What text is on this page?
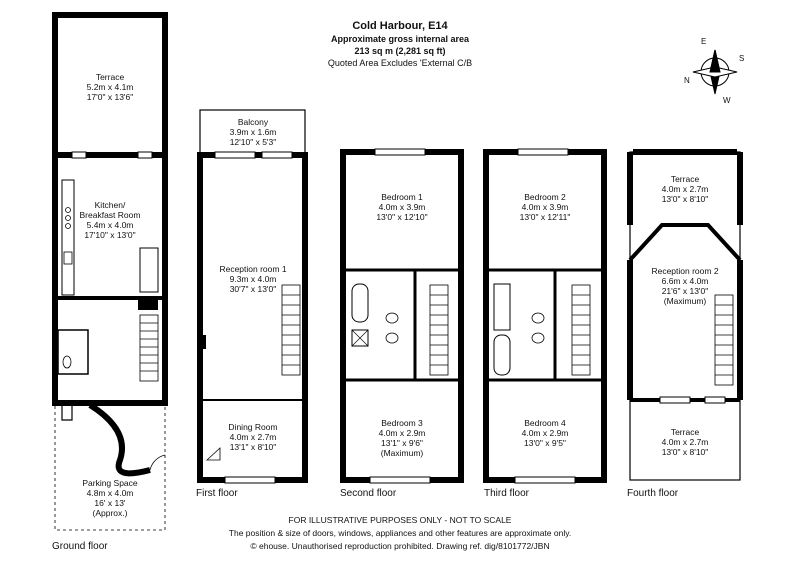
Cold Harbour, E14
Approximate gross internal area
213 sq m (2,281 sq ft)
Quoted Area Excludes 'External C/B
E
S
N
W
Terrace
5.2m x 4.1m
17'0" x 13'6"
Kitchen/
Breakfast Room
5.4m x 4.0m
17'10" x 13'0"
Parking Space
4.8m x 4.0m
16' x 13'
(Approx.)
Balcony
3.9m x 1.6m
12'10" x 5'3"
Reception room 1
9.3m x 4.0m
30'7" x 13'0"
Dining Room
4.0m x 2.7m
13'1" x 8'10"
Bedroom 1
4.0m x 3.9m
13'0" x 12'10"
Bedroom 3
4.0m x 2.9m
13'1" x 9'6"
(Maximum)
Bedroom 2
4.0m x 3.9m
13'0" x 12'11"
Bedroom 4
4.0m x 2.9m
13'0" x 9'5"
Terrace
4.0m x 2.7m
13'0" x 8'10"
Reception room 2
6.6m x 4.0m
21'6" x 13'0"
(Maximum)
Terrace
4.0m x 2.7m
13'0" x 8'10"
Ground floor
First floor	Second floor	Third floor	Fourth floor
FOR ILLUSTRATIVE PURPOSES ONLY - NOT TO SCALE
The position & size of doors, windows, appliances and other features are approximate only.
© ehouse. Unauthorised reproduction prohibited. Drawing ref. dig/8101772/JBN
